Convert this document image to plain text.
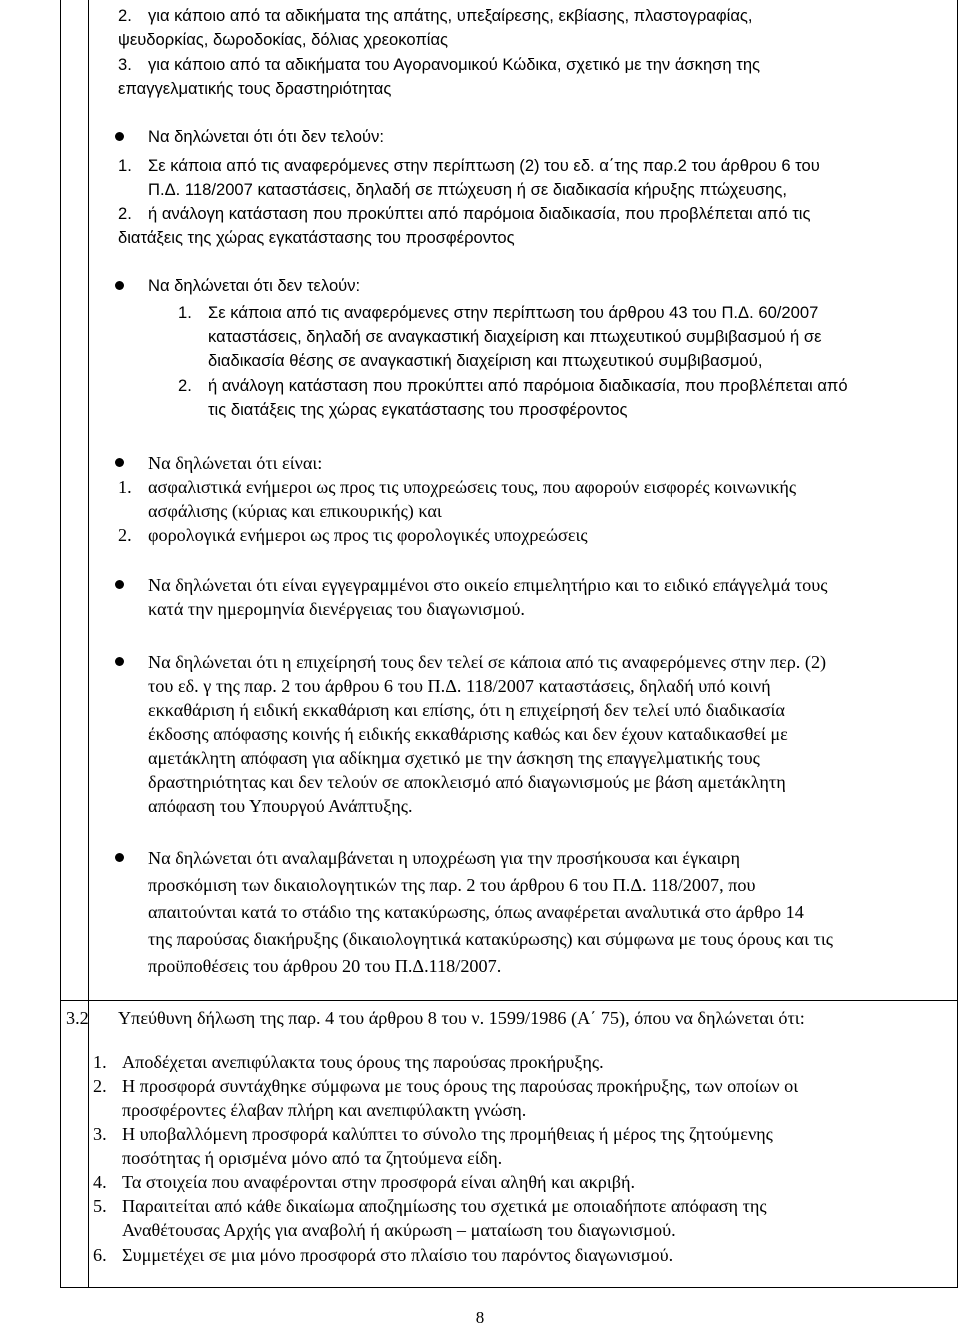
2. για κάποιο από τα αδικήματα της απάτης, υπεξαίρεσης, εκβίασης, πλαστογραφίας,
ψευδορκίας, δωροδοκίας, δόλιας χρεοκοπίας
3. για κάποιο από τα αδικήματα του Αγορανομικού Κώδικα, σχετικό με την άσκηση της
επαγγελματικής τους δραστηριότητας
Να δηλώνεται ότι ότι δεν τελούν:
1. Σε κάποια από τις αναφερόμενες στην περίπτωση (2) του εδ. α΄της παρ.2 του άρθρου 6 του
Π.Δ. 118/2007 καταστάσεις, δηλαδή σε πτώχευση ή σε διαδικασία κήρυξης πτώχευσης,
2. ή ανάλογη κατάσταση που προκύπτει από παρόμοια διαδικασία, που προβλέπεται από τις
διατάξεις της χώρας εγκατάστασης του προσφέροντος
Να δηλώνεται ότι δεν τελούν:
1. Σε κάποια από τις αναφερόμενες στην περίπτωση του άρθρου 43 του Π.Δ. 60/2007
καταστάσεις, δηλαδή σε αναγκαστική διαχείριση και πτωχευτικού συμβιβασμού ή σε
διαδικασία θέσης σε αναγκαστική διαχείριση και πτωχευτικού συμβιβασμού,
2. ή ανάλογη κατάσταση που προκύπτει από παρόμοια διαδικασία, που προβλέπεται από
τις διατάξεις της χώρας εγκατάστασης του προσφέροντος
Να δηλώνεται ότι είναι:
1. ασφαλιστικά ενήμεροι ως προς τις υποχρεώσεις τους, που αφορούν εισφορές κοινωνικής
ασφάλισης (κύριας και επικουρικής) και
2. φορολογικά ενήμεροι ως προς τις φορολογικές υποχρεώσεις
Να δηλώνεται ότι είναι εγγεγραμμένοι στο οικείο επιμελητήριο και το ειδικό επάγγελμά τους
κατά την ημερομηνία διενέργειας του διαγωνισμού.
Να δηλώνεται ότι η επιχείρησή τους δεν τελεί σε κάποια από τις αναφερόμενες στην περ. (2)
του εδ. γ της παρ. 2 του άρθρου 6 του Π.Δ. 118/2007 καταστάσεις, δηλαδή υπό κοινή
εκκαθάριση ή ειδική εκκαθάριση και επίσης, ότι η επιχείρησή δεν τελεί υπό διαδικασία
έκδοσης απόφασης κοινής ή ειδικής εκκαθάρισης καθώς και δεν έχουν καταδικασθεί με
αμετάκλητη απόφαση για αδίκημα σχετικό με την άσκηση της επαγγελματικής τους
δραστηριότητας και δεν τελούν σε αποκλεισμό από διαγωνισμούς με βάση αμετάκλητη
απόφαση του Υπουργού Ανάπτυξης.
Να δηλώνεται ότι αναλαμβάνεται η υποχρέωση για την προσήκουσα και έγκαιρη
προσκόμιση των δικαιολογητικών της παρ. 2 του άρθρου 6 του Π.Δ. 118/2007, που
απαιτούνται κατά το στάδιο της κατακύρωσης, όπως αναφέρεται αναλυτικά στο άρθρο 14
της παρούσας διακήρυξης (δικαιολογητικά κατακύρωσης) και σύμφωνα με τους όρους και τις
προϋποθέσεις του άρθρου 20 του Π.Δ.118/2007.
3.2 Υπεύθυνη δήλωση της παρ. 4 του άρθρου 8 του ν. 1599/1986 (Α΄ 75), όπου να δηλώνεται ότι:
1. Αποδέχεται ανεπιφύλακτα τους όρους της παρούσας προκήρυξης.
2. Η προσφορά συντάχθηκε σύμφωνα με τους όρους της παρούσας προκήρυξης, των οποίων οι
προσφέροντες έλαβαν πλήρη και ανεπιφύλακτη γνώση.
3. Η υποβαλλόμενη προσφορά καλύπτει το σύνολο της προμήθειας ή μέρος της ζητούμενης
ποσότητας ή ορισμένα μόνο από τα ζητούμενα είδη.
4. Τα στοιχεία που αναφέρονται στην προσφορά είναι αληθή και ακριβή.
5. Παραιτείται από κάθε δικαίωμα αποζημίωσης του σχετικά με οποιαδήποτε απόφαση της
Αναθέτουσας Αρχής για αναβολή ή ακύρωση – ματαίωση του διαγωνισμού.
6. Συμμετέχει σε μια μόνο προσφορά στο πλαίσιο του παρόντος διαγωνισμού.
8
